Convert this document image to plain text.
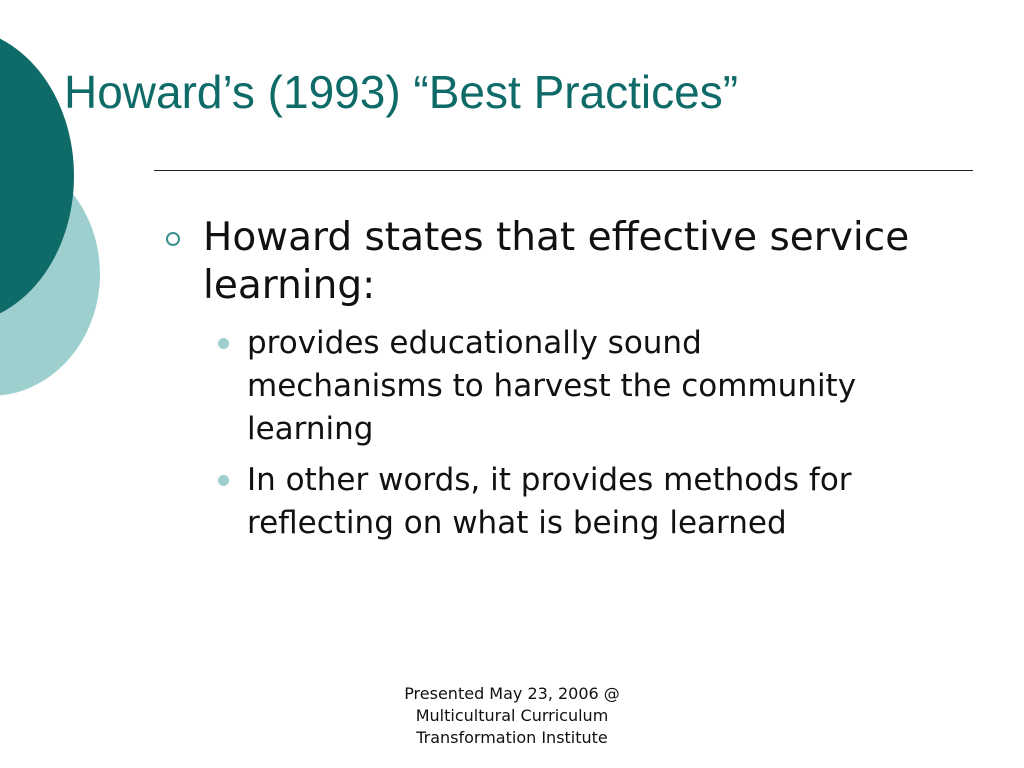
Howard’s (1993) “Best Practices”
Howard states that effective service
learning:
provides educationally sound
mechanisms to harvest the community
learning
In other words, it provides methods for
reflecting on what is being learned
Presented May 23, 2006 @
Multicultural Curriculum
Transformation Institute
